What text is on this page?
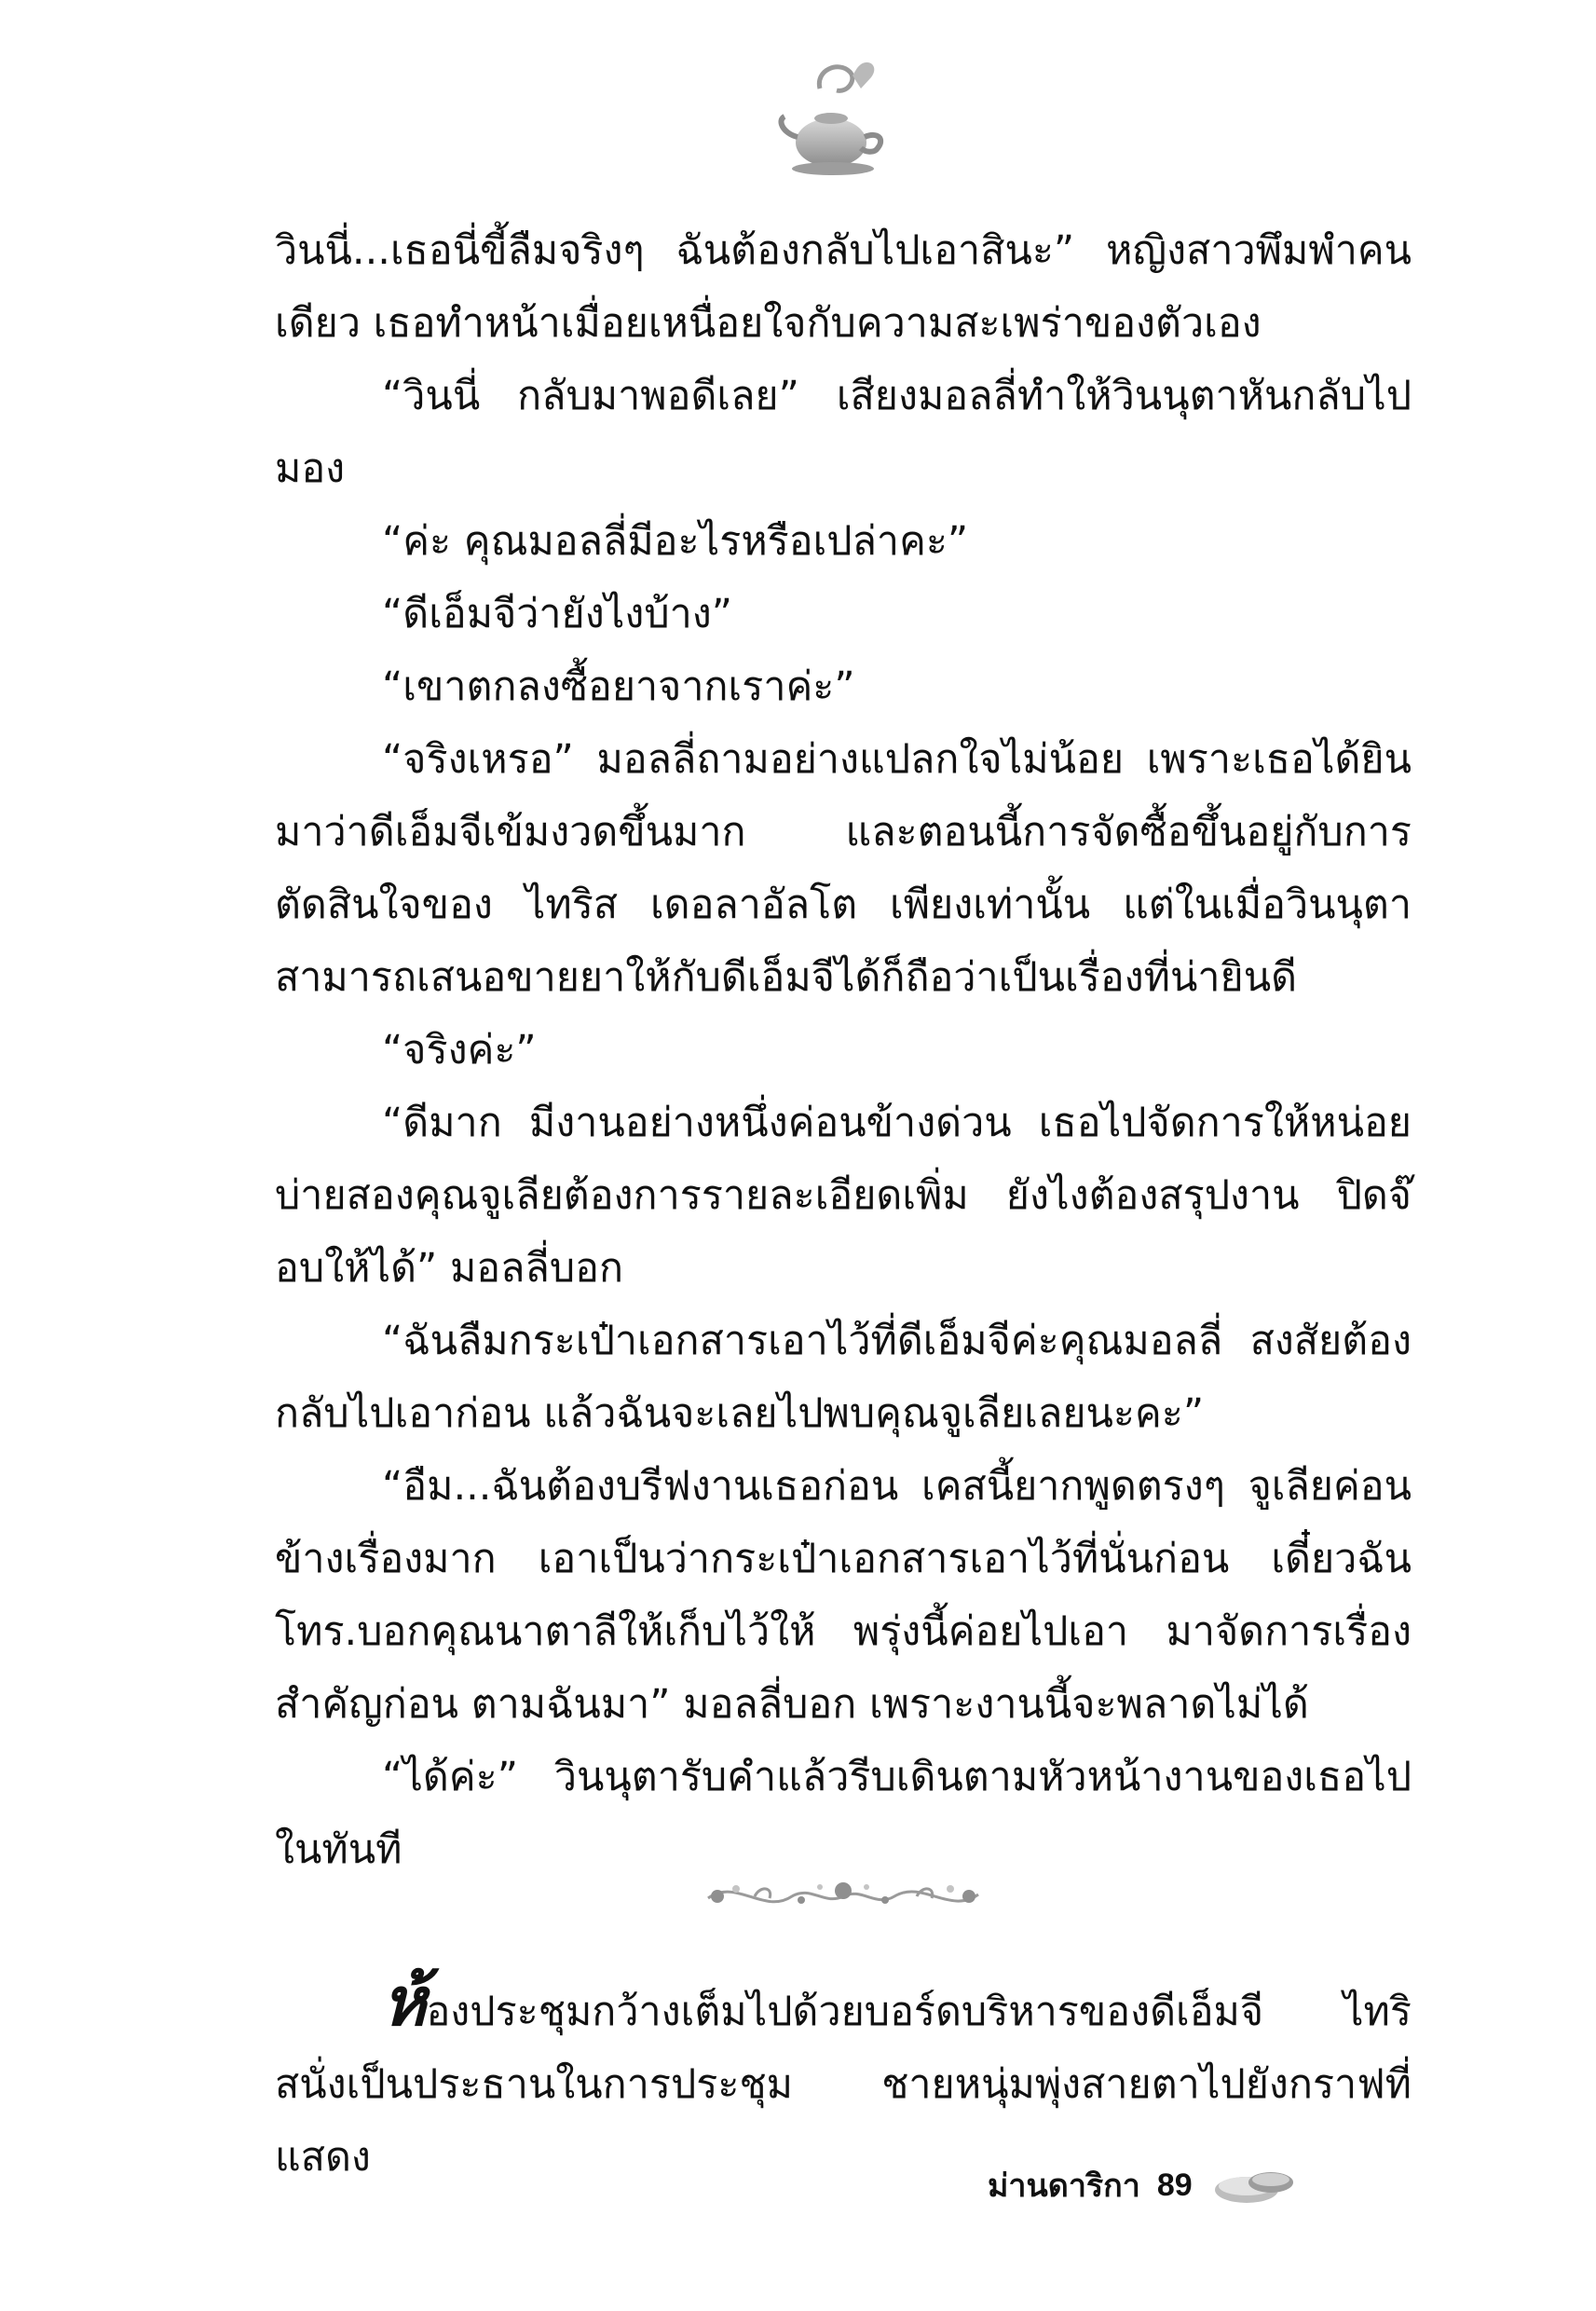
วินนี่...เธอนี่ขี้ลืมจริงๆ ฉันต้องกลับไปเอาสินะ” หญิงสาวพึมพำคนเดียว เธอทำหน้าเมื่อยเหนื่อยใจกับความสะเพร่าของตัวเอง

“วินนี่ กลับมาพอดีเลย” เสียงมอลลี่ทำให้วินนุตาหันกลับไปมอง

“ค่ะ คุณมอลลี่มีอะไรหรือเปล่าคะ”

“ดีเอ็มจีว่ายังไงบ้าง”

“เขาตกลงซื้อยาจากเราค่ะ”

“จริงเหรอ” มอลลี่ถามอย่างแปลกใจไม่น้อย เพราะเธอได้ยินมาว่าดีเอ็มจีเข้มงวดขึ้นมาก และตอนนี้การจัดซื้อขึ้นอยู่กับการตัดสินใจของ ไทริส เดอลาอัลโต เพียงเท่านั้น แต่ในเมื่อวินนุตาสามารถเสนอขายยาให้กับดีเอ็มจีได้ก็ถือว่าเป็นเรื่องที่น่ายินดี

“จริงค่ะ”

“ดีมาก มีงานอย่างหนึ่งค่อนข้างด่วน เธอไปจัดการให้หน่อย บ่ายสองคุณจูเลียต้องการรายละเอียดเพิ่ม ยังไงต้องสรุปงาน ปิดจ๊อบให้ได้” มอลลี่บอก

“ฉันลืมกระเป๋าเอกสารเอาไว้ที่ดีเอ็มจีค่ะคุณมอลลี่ สงสัยต้องกลับไปเอาก่อน แล้วฉันจะเลยไปพบคุณจูเลียเลยนะคะ”

“อืม...ฉันต้องบรีฟงานเธอก่อน เคสนี้ยากพูดตรงๆ จูเลียค่อนข้างเรื่องมาก เอาเป็นว่ากระเป๋าเอกสารเอาไว้ที่นั่นก่อน เดี๋ยวฉันโทร.บอกคุณนาตาลีให้เก็บไว้ให้ พรุ่งนี้ค่อยไปเอา มาจัดการเรื่องสำคัญก่อน ตามฉันมา” มอลลี่บอก เพราะงานนี้จะพลาดไม่ได้

“ได้ค่ะ” วินนุตารับคำแล้วรีบเดินตามหัวหน้างานของเธอไปในทันที

ห้องประชุมกว้างเต็มไปด้วยบอร์ดบริหารของดีเอ็มจี ไทริสนั่งเป็นประธานในการประชุม ชายหนุ่มพุ่งสายตาไปยังกราฟที่แสดง

ม่านดาริกา 89
